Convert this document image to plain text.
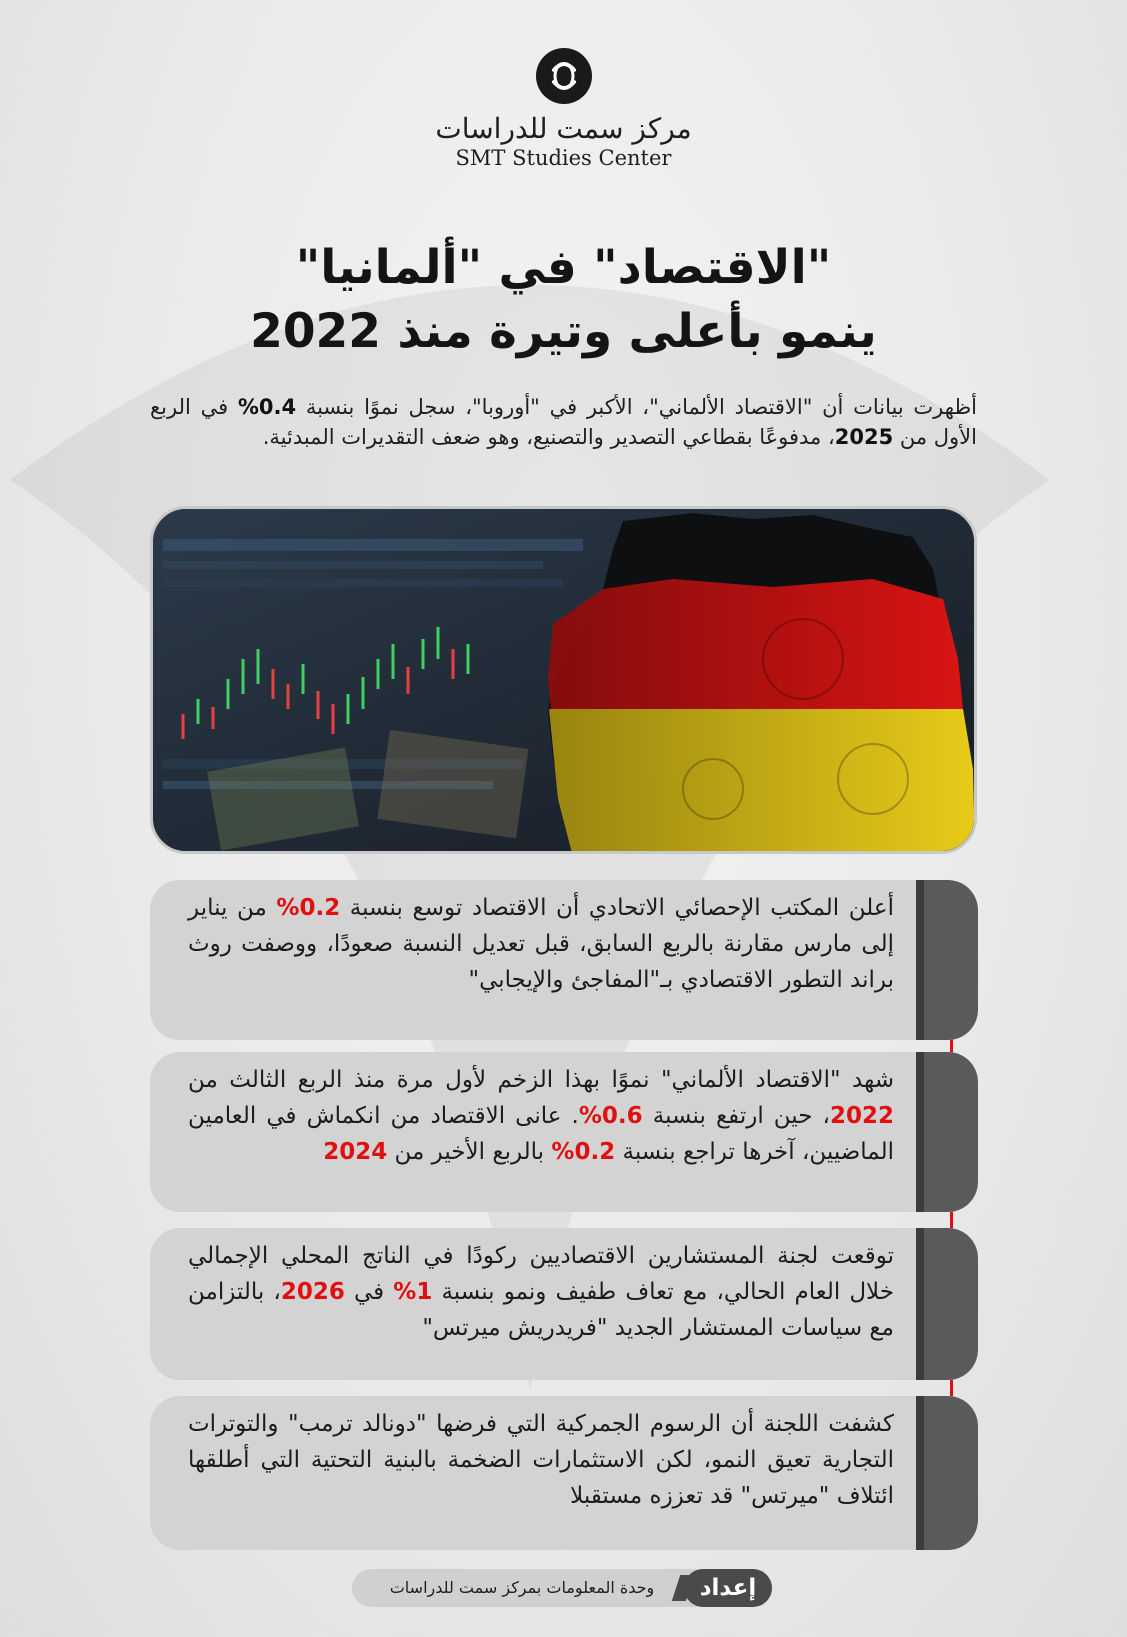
مركز سمت للدراسات
SMT Studies Center
"الاقتصاد" في "ألمانيا"
ينمو بأعلى وتيرة منذ 2022
أظهرت بيانات أن "الاقتصاد الألماني"، الأكبر في "أوروبا"، سجل نموًا بنسبة 0.4% في الربع الأول من 2025، مدفوعًا بقطاعي التصدير والتصنيع، وهو ضعف التقديرات المبدئية.
أعلن المكتب الإحصائي الاتحادي أن الاقتصاد توسع بنسبة 0.2% من يناير إلى مارس مقارنة بالربع السابق، قبل تعديل النسبة صعودًا، ووصفت روث براند التطور الاقتصادي بـ"المفاجئ والإيجابي"
شهد "الاقتصاد الألماني" نموًا بهذا الزخم لأول مرة منذ الربع الثالث من 2022، حين ارتفع بنسبة 0.6%. عانى الاقتصاد من انكماش في العامين الماضيين، آخرها تراجع بنسبة 0.2% بالربع الأخير من 2024
توقعت لجنة المستشارين الاقتصاديين ركودًا في الناتج المحلي الإجمالي خلال العام الحالي، مع تعاف طفيف ونمو بنسبة 1% في 2026، بالتزامن مع سياسات المستشار الجديد "فريدريش ميرتس"
كشفت اللجنة أن الرسوم الجمركية التي فرضها "دونالد ترمب" والتوترات التجارية تعيق النمو، لكن الاستثمارات الضخمة بالبنية التحتية التي أطلقها ائتلاف "ميرتس" قد تعززه مستقبلا
وحدة المعلومات بمركز سمت للدراسات	إعداد
